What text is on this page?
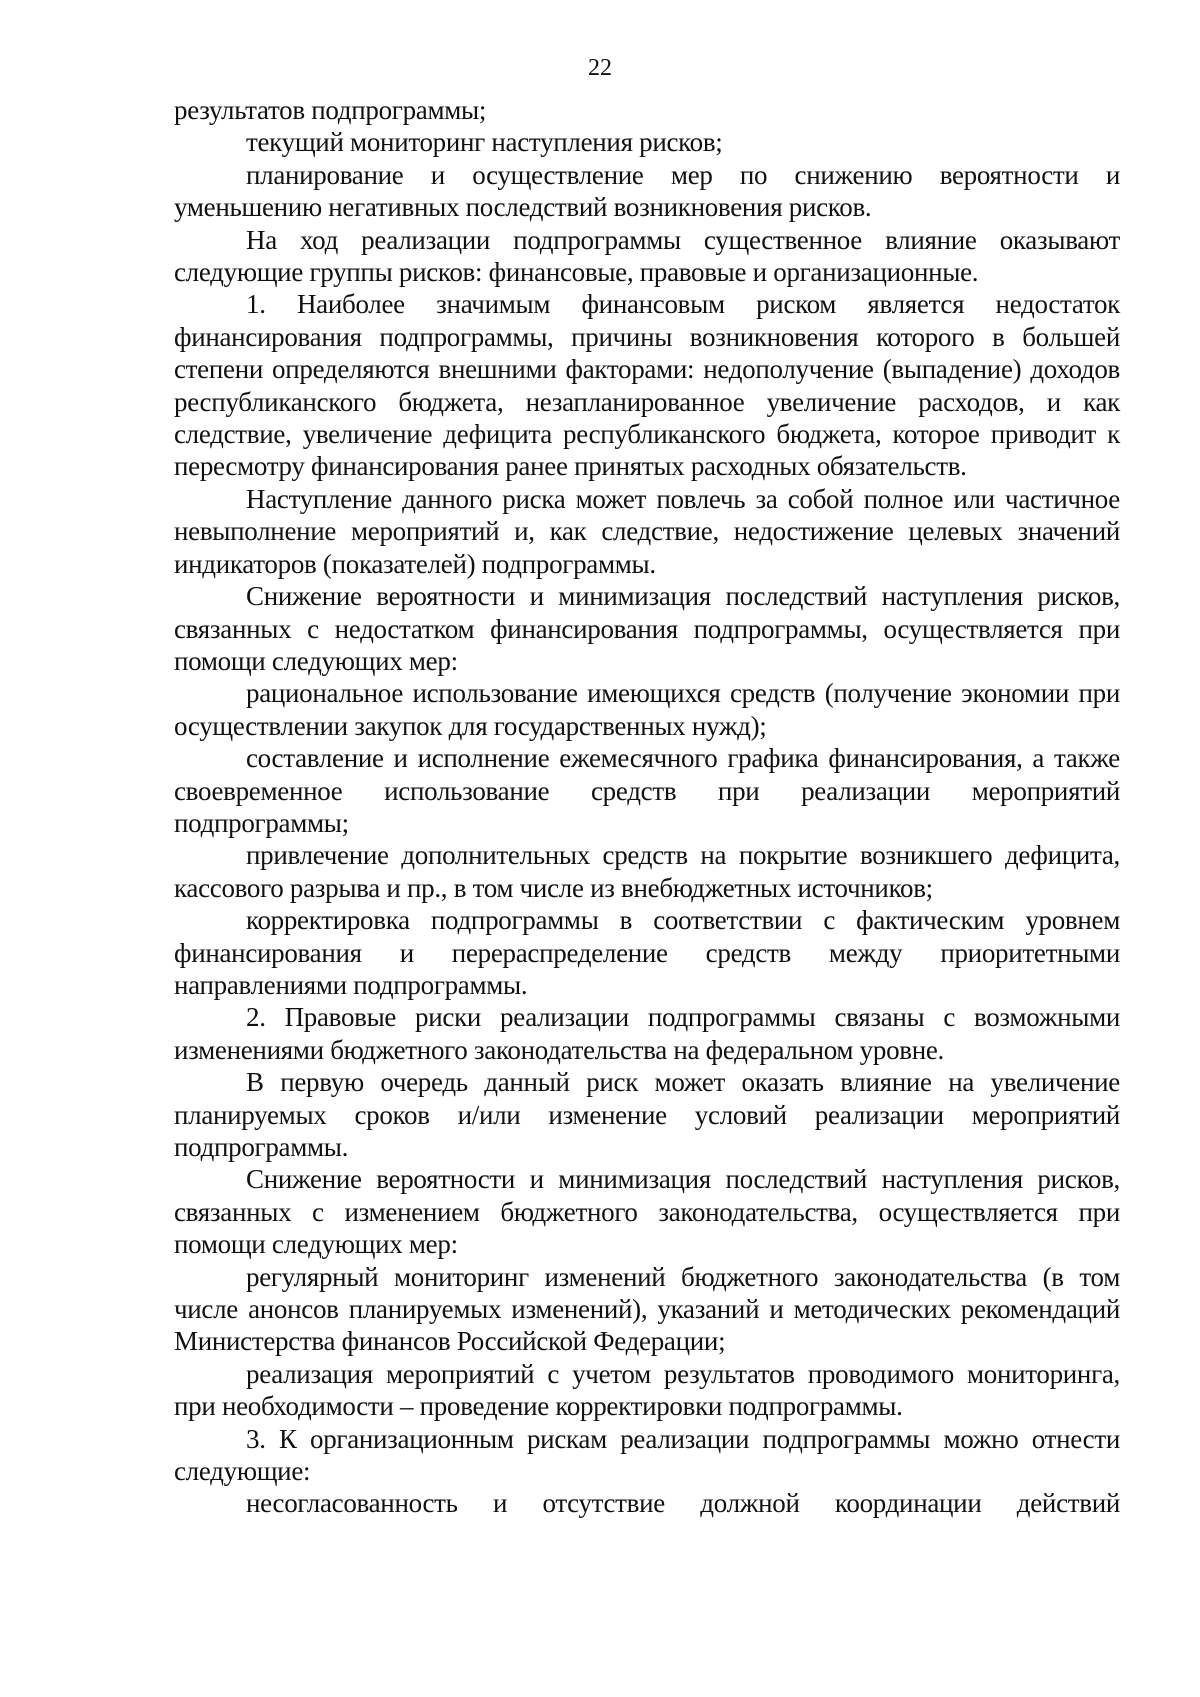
22

результатов подпрограммы;

текущий мониторинг наступления рисков;

планирование и осуществление мер по снижению вероятности и уменьшению негативных последствий возникновения рисков.

На ход реализации подпрограммы существенное влияние оказывают следующие группы рисков: финансовые, правовые и организационные.

1. Наиболее значимым финансовым риском является недостаток финансирования подпрограммы, причины возникновения которого в большей степени определяются внешними факторами: недополучение (выпадение) доходов республиканского бюджета, незапланированное увеличение расходов, и как следствие, увеличение дефицита республиканского бюджета, которое приводит к пересмотру финансирования ранее принятых расходных обязательств.

Наступление данного риска может повлечь за собой полное или частичное невыполнение мероприятий и, как следствие, недостижение целевых значений индикаторов (показателей) подпрограммы.

Снижение вероятности и минимизация последствий наступления рисков, связанных с недостатком финансирования подпрограммы, осуществляется при помощи следующих мер:

рациональное использование имеющихся средств (получение экономии при осуществлении закупок для государственных нужд);

составление и исполнение ежемесячного графика финансирования, а также своевременное использование средств при реализации мероприятий подпрограммы;

привлечение дополнительных средств на покрытие возникшего дефицита, кассового разрыва и пр., в том числе из внебюджетных источников;

корректировка подпрограммы в соответствии с фактическим уровнем финансирования и перераспределение средств между приоритетными направлениями подпрограммы.

2. Правовые риски реализации подпрограммы связаны с возможными изменениями бюджетного законодательства на федеральном уровне.

В первую очередь данный риск может оказать влияние на увеличение планируемых сроков и/или изменение условий реализации мероприятий подпрограммы.

Снижение вероятности и минимизация последствий наступления рисков, связанных с изменением бюджетного законодательства, осуществляется при помощи следующих мер:

регулярный мониторинг изменений бюджетного законодательства (в том числе анонсов планируемых изменений), указаний и методических рекомендаций Министерства финансов Российской Федерации;

реализация мероприятий с учетом результатов проводимого мониторинга, при необходимости – проведение корректировки подпрограммы.

3. К организационным рискам реализации подпрограммы можно отнести следующие:

несогласованность и отсутствие должной координации действий
